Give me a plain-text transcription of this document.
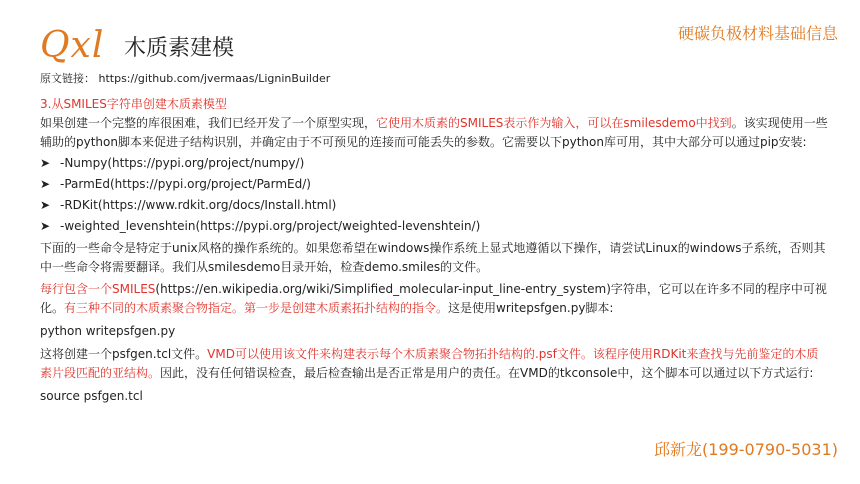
Qxl 木质素建模
硬碳负极材料基础信息
原文链接： https://github.com/jvermaas/LigninBuilder

3.从SMILES字符串创建木质素模型

如果创建一个完整的库很困难，我们已经开发了一个原型实现，它使用木质素的SMILES表示作为输入，可以在smilesdemo中找到。该实现使用一些辅助的python脚本来促进子结构识别，并确定由于不可预见的连接而可能丢失的参数。它需要以下python库可用，其中大部分可以通过pip安装:

➤ -Numpy(https://pypi.org/project/numpy/)
➤ -ParmEd(https://pypi.org/project/ParmEd/)
➤ -RDKit(https://www.rdkit.org/docs/Install.html)
➤ -weighted_levenshtein(https://pypi.org/project/weighted-levenshtein/)

下面的一些命令是特定于unix风格的操作系统的。如果您希望在windows操作系统上显式地遵循以下操作，请尝试Linux的windows子系统，否则其中一些命令将需要翻译。我们从smilesdemo目录开始，检查demo.smiles的文件。

每行包含一个SMILES(https://en.wikipedia.org/wiki/Simplified_molecular-input_line-entry_system)字符串，它可以在许多不同的程序中可视化。有三种不同的木质素聚合物指定。第一步是创建木质素拓扑结构的指令。这是使用writepsfgen.py脚本:

python writepsfgen.py

这将创建一个psfgen.tcl文件。VMD可以使用该文件来构建表示每个木质素聚合物拓扑结构的.psf文件。该程序使用RDKit来查找与先前鉴定的木质素片段匹配的亚结构。因此，没有任何错误检查，最后检查输出是否正常是用户的责任。在VMD的tkconsole中，这个脚本可以通过以下方式运行:

source psfgen.tcl

邱新龙(199-0790-5031)
